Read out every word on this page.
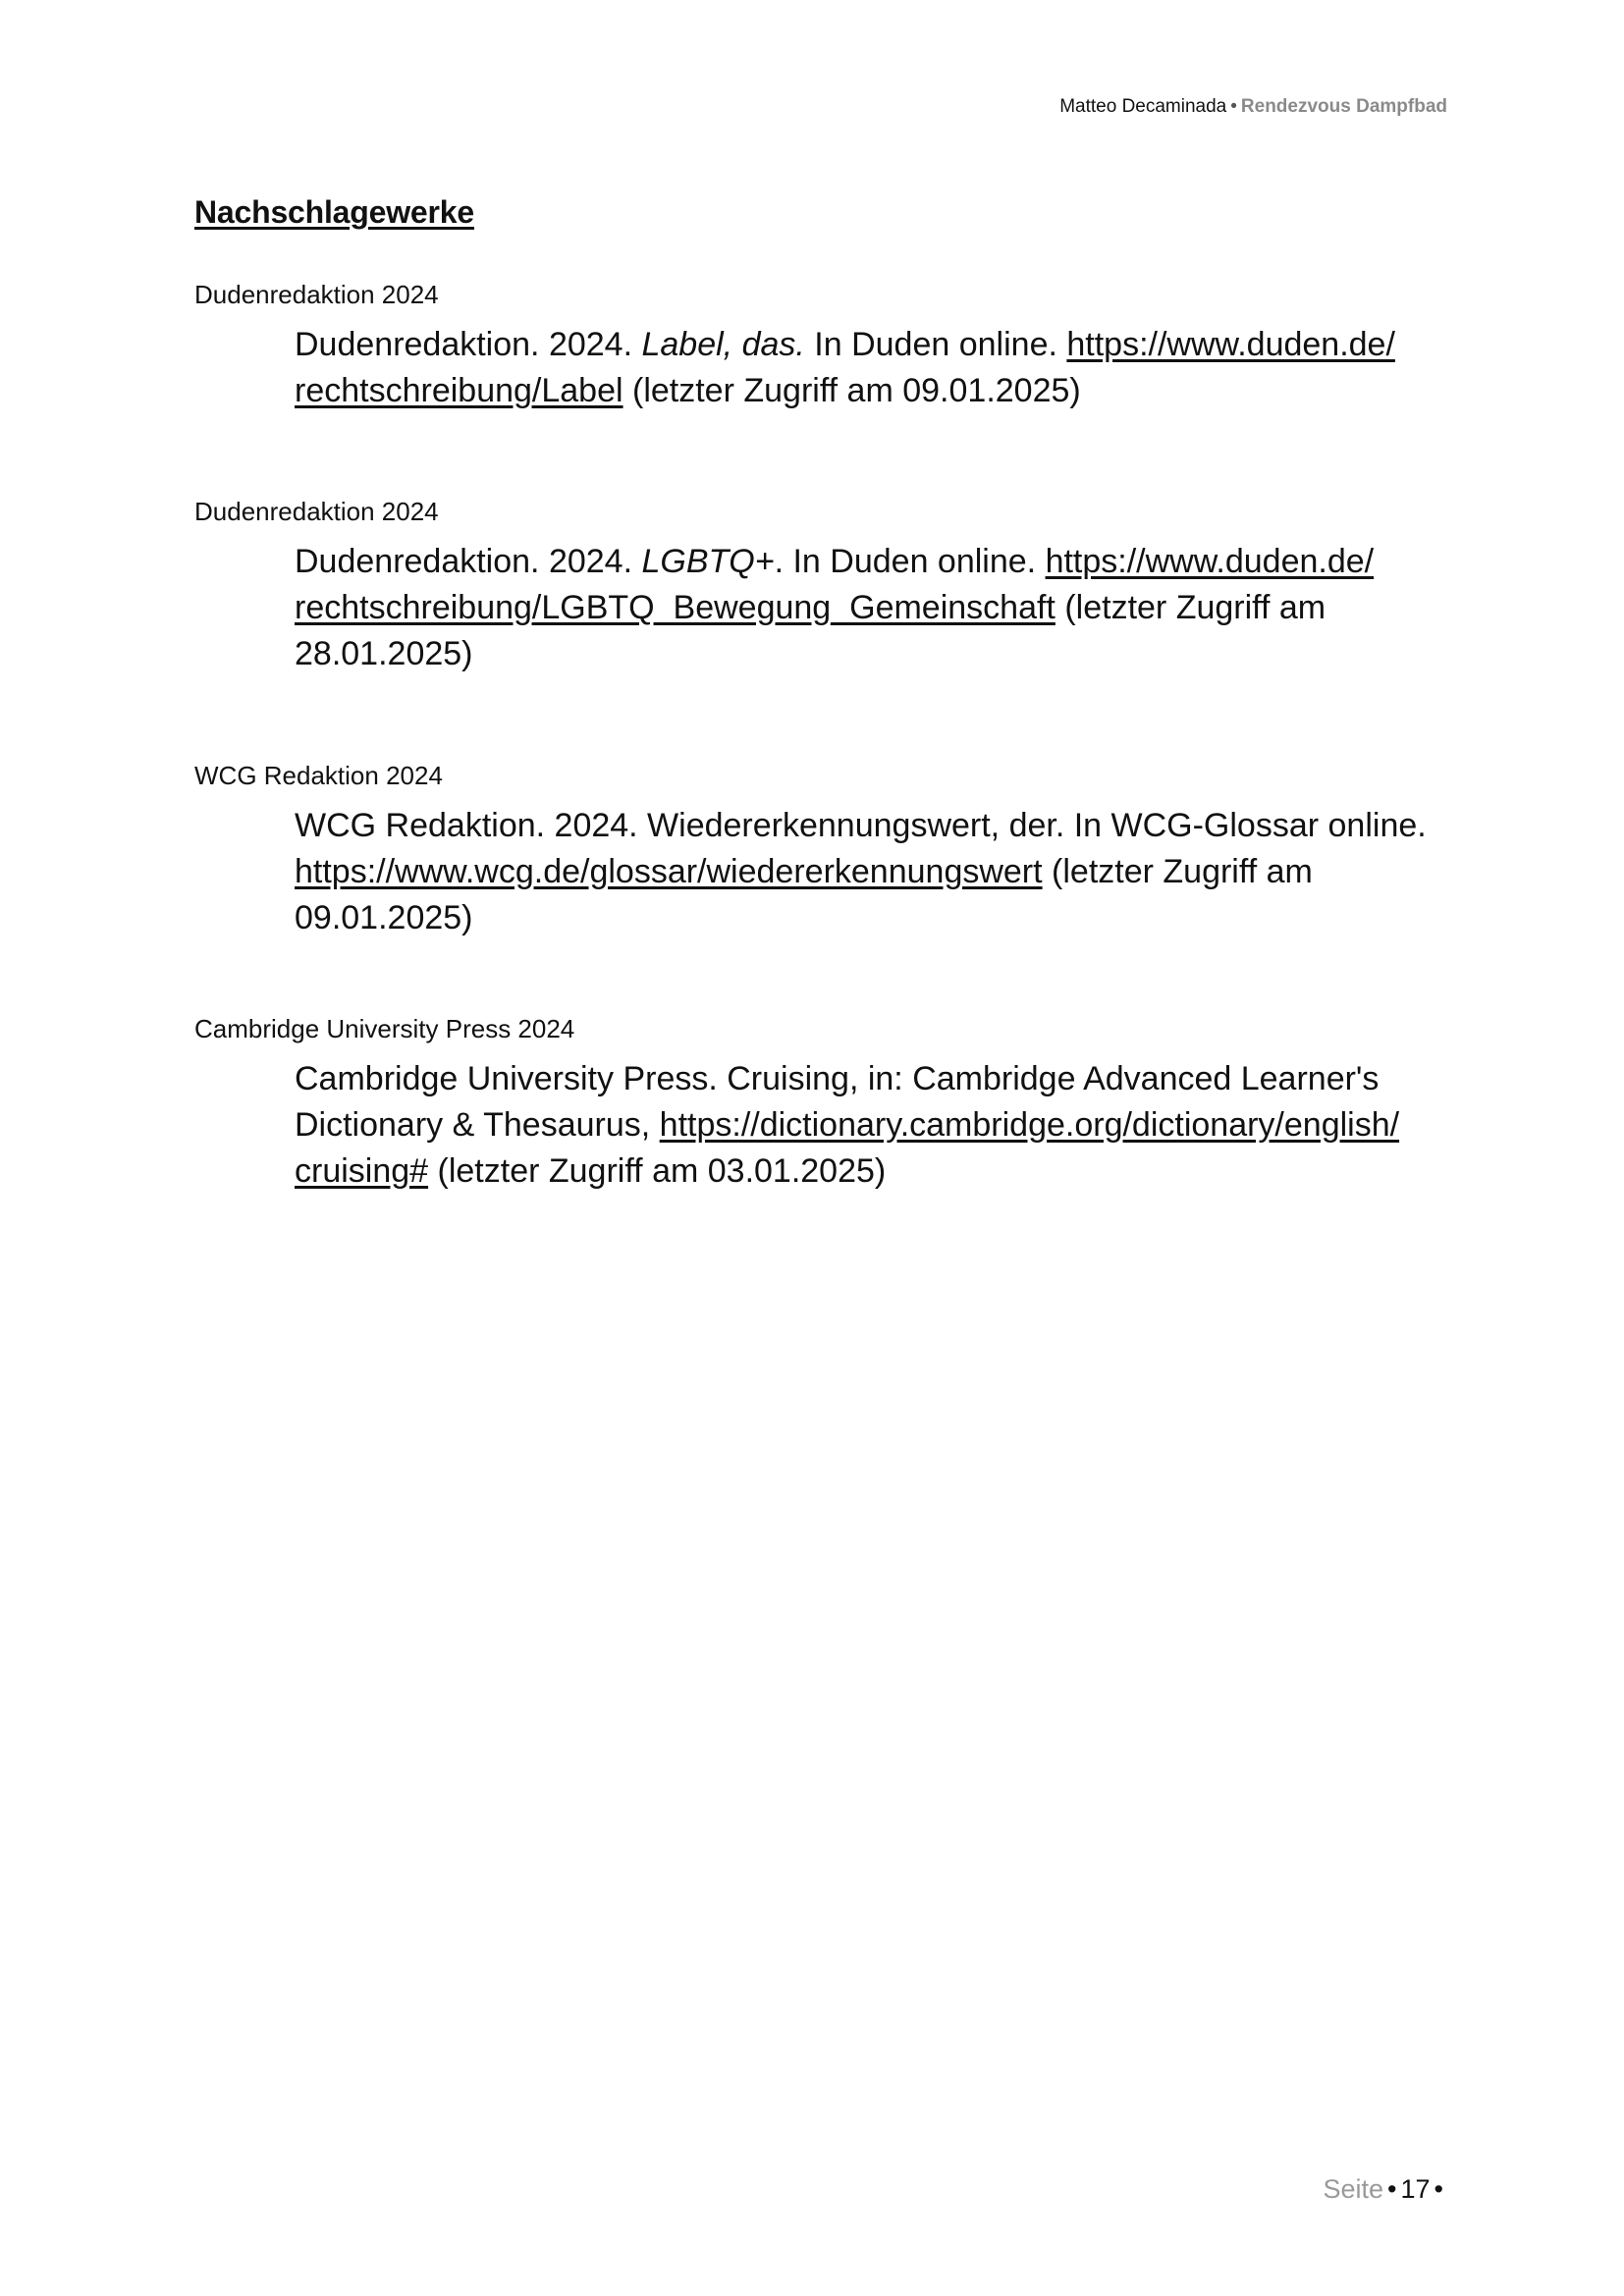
Matteo Decaminada • Rendezvous Dampfbad
Nachschlagewerke

Dudenredaktion 2024

Dudenredaktion. 2024. Label, das. In Duden online. https://www.duden.de/
rechtschreibung/Label (letzter Zugriff am 09.01.2025)

Dudenredaktion 2024

Dudenredaktion. 2024. LGBTQ+. In Duden online. https://www.duden.de/
rechtschreibung/LGBTQ_Bewegung_Gemeinschaft (letzter Zugriff am 28.01.2025)

WCG Redaktion 2024

WCG Redaktion. 2024. Wiedererkennungswert, der. In WCG-Glossar online.
https://www.wcg.de/glossar/wiedererkennungswert (letzter Zugriff am 09.01.2025)

Cambridge University Press 2024

Cambridge University Press. Cruising, in: Cambridge Advanced Learner's Dictionary & Thesaurus, https://dictionary.cambridge.org/dictionary/english/
cruising# (letzter Zugriff am 03.01.2025)

Seite • 17 •
